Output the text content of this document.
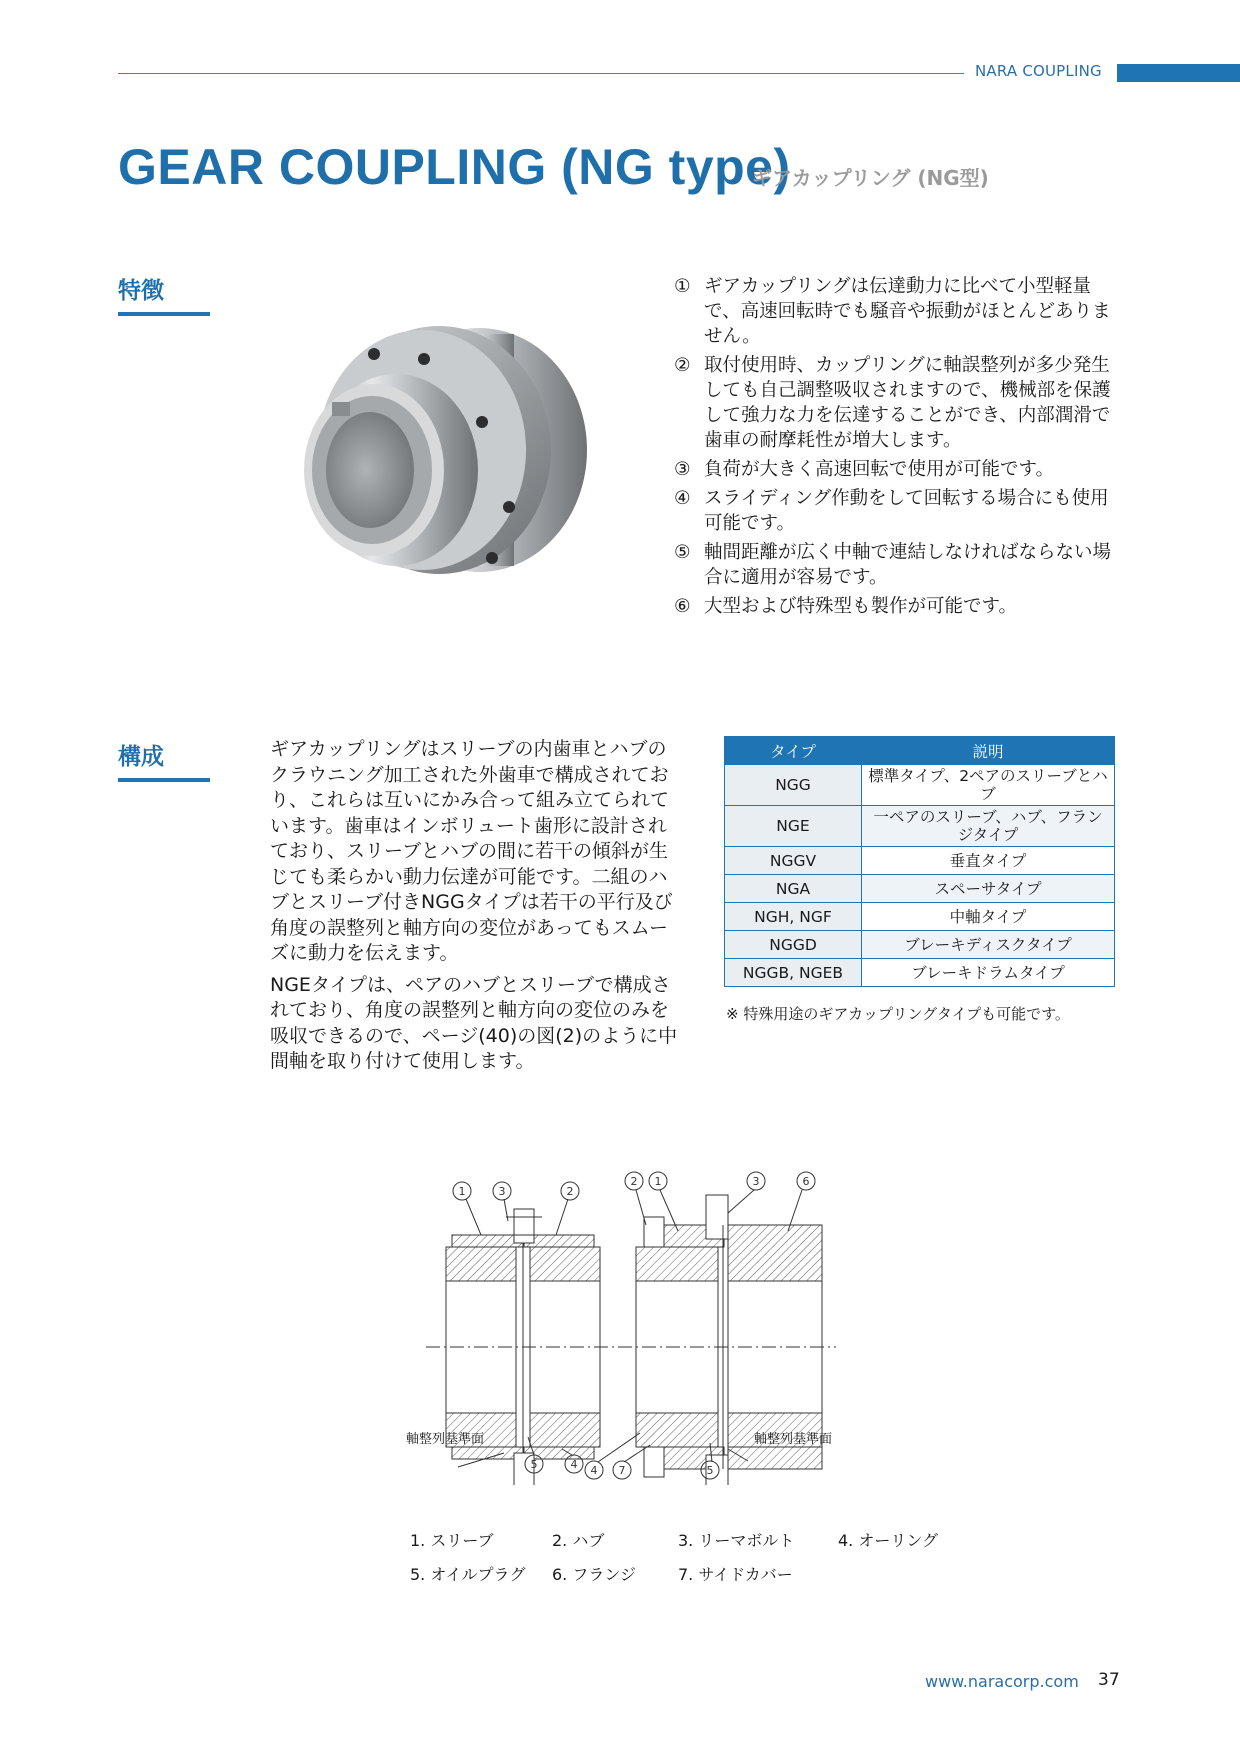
NARA COUPLING
GEAR COUPLING (NG type)
ギアカップリング (NG型)
特徴	① ギアカップリングは伝達動力に比べて小型軽量で、高速回転時でも騒音や振動がほとんどありません。
② 取付使用時、カップリングに軸誤整列が多少発生しても自己調整吸収されますので、機械部を保護して強力な力を伝達することができ、内部潤滑で歯車の耐摩耗性が増大します。
③ 負荷が大きく高速回転で使用が可能です。
④ スライディング作動をして回転する場合にも使用可能です。
⑤ 軸間距離が広く中軸で連結しなければならない場合に適用が容易です。
⑥ 大型および特殊型も製作が可能です。
構成	ギアカップリングはスリーブの内歯車とハブのクラウニング加工された外歯車で構成されており、これらは互いにかみ合って組み立てられています。歯車はインボリュート歯形に設計されており、スリーブとハブの間に若干の傾斜が生じても柔らかい動力伝達が可能です。二組のハブとスリーブ付きNGGタイプは若干の平行及び角度の誤整列と軸方向の変位があってもスムーズに動力を伝えます。

NGEタイプは、ペアのハブとスリーブで構成されており、角度の誤整列と軸方向の変位のみを吸収できるので、ページ(40)の図(2)のように中間軸を取り付けて使用します。

タイプ	説明
NGG	標準タイプ、2ペアのスリーブとハブ
NGE	一ペアのスリーブ、ハブ、フランジタイプ
NGGV	垂直タイプ
NGA	スペーサタイプ
NGH, NGF	中軸タイプ
NGGD	ブレーキディスクタイプ
NGGB, NGEB	ブレーキドラムタイプ
※ 特殊用途のギアカップリングタイプも可能です。
1	3	2
5	4
2 1	3	6
4 7	5
軸整列基準面	軸整列基準面
1. スリーブ	2. ハブ	3. リーマボルト	4. オーリング
5. オイルプラグ 6. フランジ	7. サイドカバー
www.naracorp.com 37
